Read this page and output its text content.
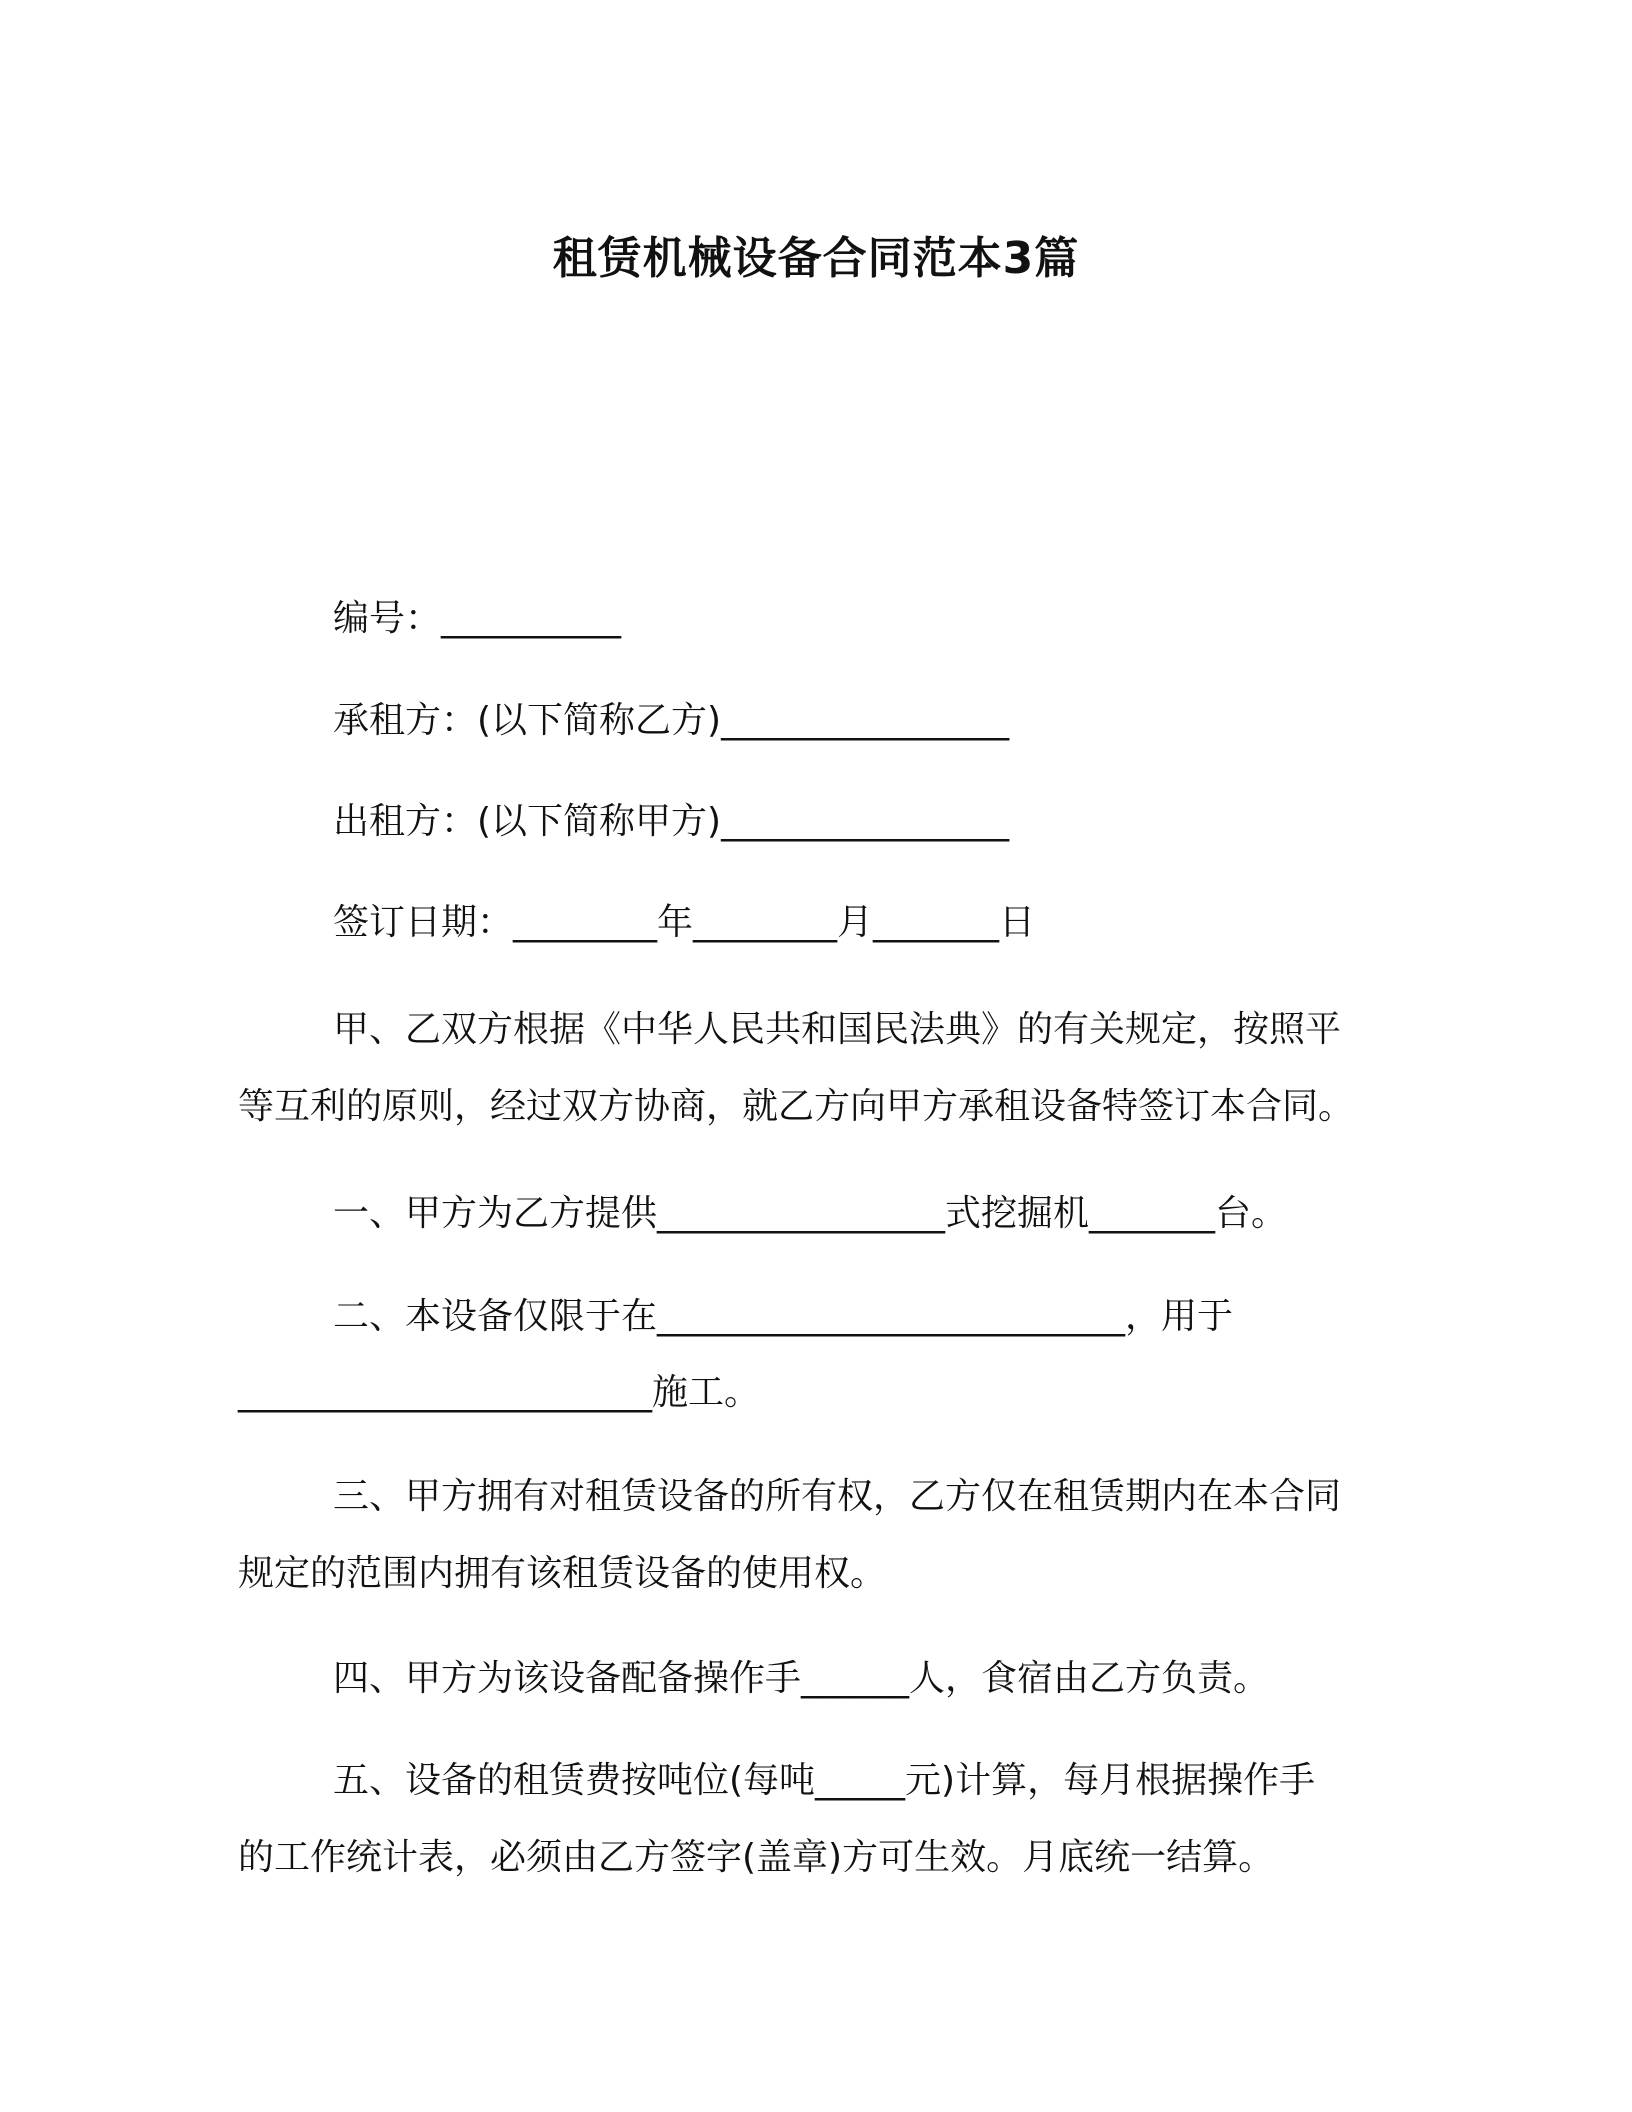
租赁机械设备合同范本3篇
编号：__________
承租方：(以下简称乙方)________________
出租方：(以下简称甲方)________________
签订日期：________年________月_______日
甲、乙双方根据《中华人民共和国民法典》的有关规定，按照平
等互利的原则，经过双方协商，就乙方向甲方承租设备特签订本合同。
一、甲方为乙方提供________________式挖掘机_______台。
二、本设备仅限于在__________________________，用于
_______________________施工。
三、甲方拥有对租赁设备的所有权，乙方仅在租赁期内在本合同
规定的范围内拥有该租赁设备的使用权。
四、甲方为该设备配备操作手______人，食宿由乙方负责。
五、设备的租赁费按吨位(每吨_____元)计算，每月根据操作手
的工作统计表，必须由乙方签字(盖章)方可生效。月底统一结算。
